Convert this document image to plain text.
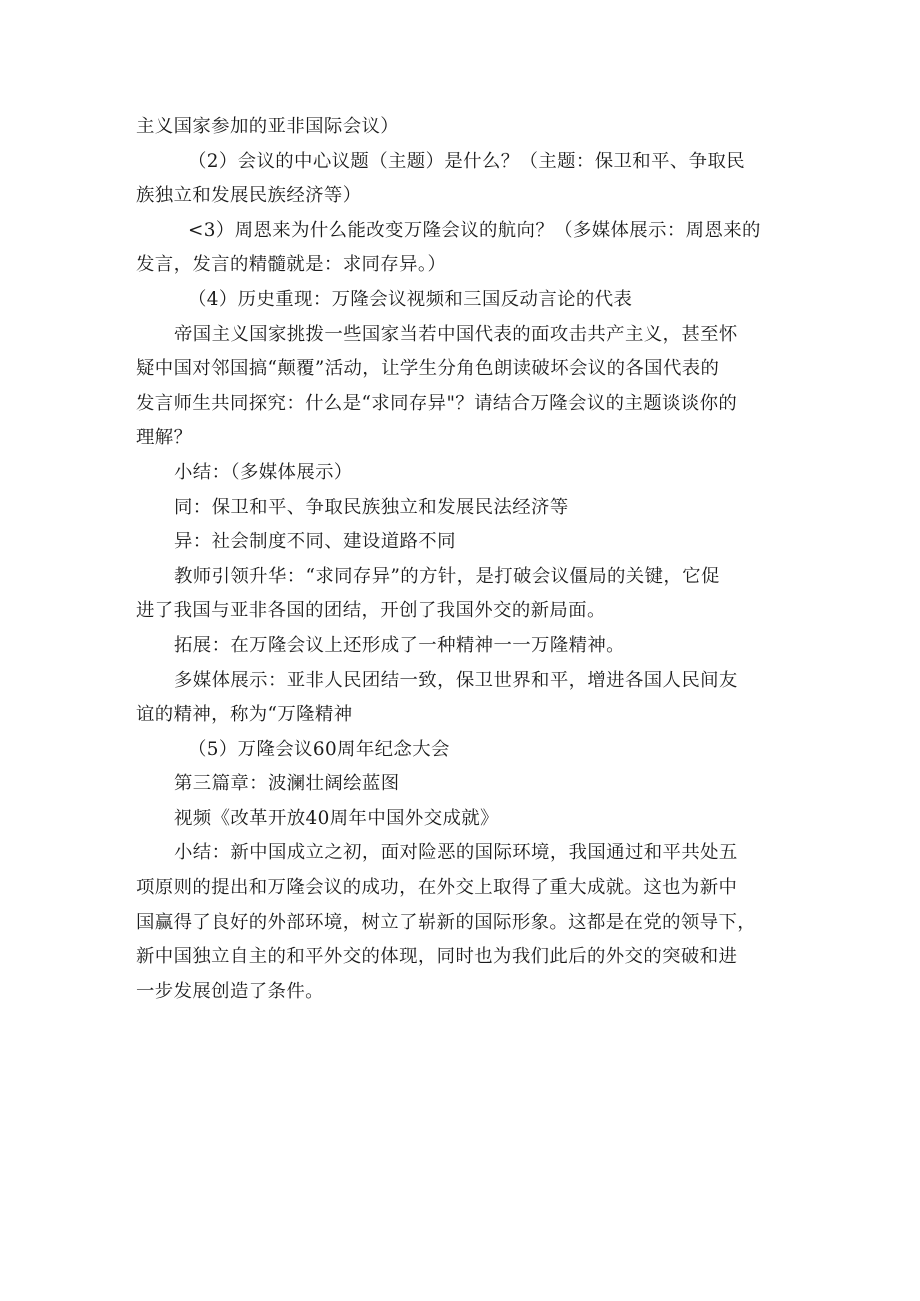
主义国家参加的亚非国际会议）
（2）会议的中心议题（主题）是什么？（主题：保卫和平、争取民
族独立和发展民族经济等）
<3）周恩来为什么能改变万隆会议的航向？（多媒体展示：周恩来的
发言，发言的精髓就是：求同存异。）
（4）历史重现：万隆会议视频和三国反动言论的代表
帝国主义国家挑拨一些国家当若中国代表的面攻击共产主义，甚至怀
疑中国对邻国搞“颠覆”活动，让学生分角色朗读破坏会议的各国代表的
发言师生共同探究：什么是“求同存异"？请结合万隆会议的主题谈谈你的
理解？
小结：（多媒体展示）
同：保卫和平、争取民族独立和发展民法经济等
异：社会制度不同、建设道路不同
教师引领升华：“求同存异”的方针，是打破会议僵局的关键，它促
进了我国与亚非各国的团结，开创了我国外交的新局面。
拓展：在万隆会议上还形成了一种精神一一万隆精神。
多媒体展示：亚非人民团结一致，保卫世界和平，增进各国人民间友
谊的精神，称为“万隆精神
（5）万隆会议60周年纪念大会
第三篇章：波澜壮阔绘蓝图
视频《改革开放40周年中国外交成就》
小结：新中国成立之初，面对险恶的国际环境，我国通过和平共处五
项原则的提出和万隆会议的成功，在外交上取得了重大成就。这也为新中
国赢得了良好的外部环境，树立了崭新的国际形象。这都是在党的领导下，
新中国独立自主的和平外交的体现，同时也为我们此后的外交的突破和进
一步发展创造了条件。
